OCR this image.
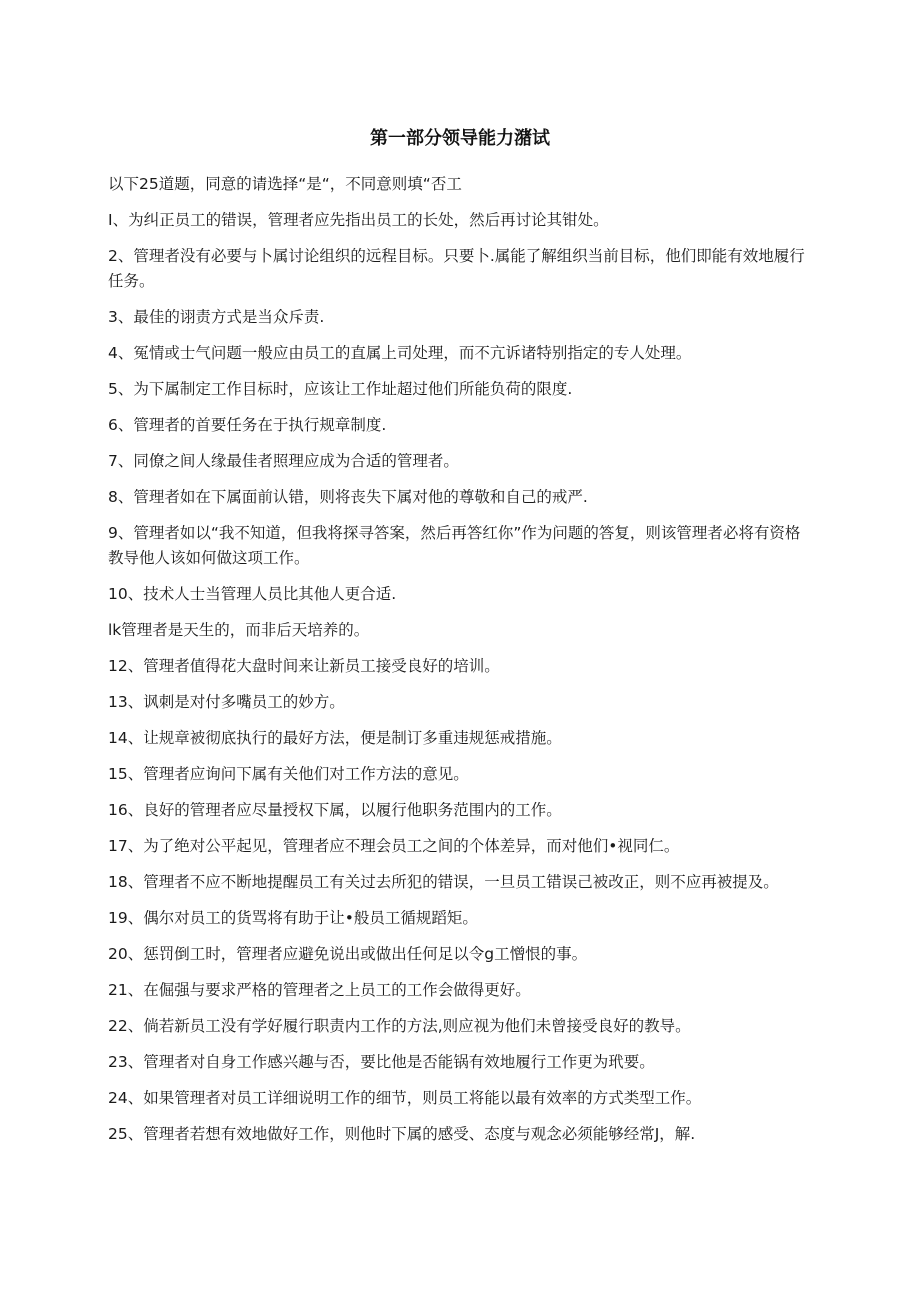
第一部分领导能力潴试

以下25道题，同意的请选择“是“，不同意则填“否工

I、为纠正员工的错误，管理者应先指出员工的长处，然后再讨论其钳处。

2、管理者没有必要与卜属讨论组织的远程目标。只要卜.属能了解组织当前目标，他们即能有效地履行任务。

3、最佳的诩责方式是当众斥责.

4、冤情或士气问题一般应由员工的直属上司处理，而不亢诉诸特别指定的专人处理。

5、为下属制定工作目标时，应该让工作址超过他们所能负荷的限度.

6、管理者的首要任务在于执行规章制度.

7、同僚之间人缘最佳者照理应成为合适的管理者。

8、管理者如在下属面前认错，则将丧失下属对他的尊敬和自己的戒严.

9、管理者如以“我不知道，但我将探寻答案，然后再答红你”作为问题的答复，则该管理者必将有资格教导他人该如何做这项工作。

10、技术人士当管理人员比其他人更合适.

lk管理者是天生的，而非后天培养的。

12、管理者值得花大盘时间来让新员工接受良好的培训。

13、讽刺是对付多嘴员工的妙方。

14、让规章被彻底执行的最好方法，便是制订多重违规惩戒措施。

15、管理者应询问下属有关他们对工作方法的意见。

16、良好的管理者应尽量授权下属，以履行他职务范围内的工作。

17、为了绝对公平起见，管理者应不理会员工之间的个体差异，而对他们•视同仁。

18、管理者不应不断地提醒员工有关过去所犯的错误，一旦员工错误己被改正，则不应再被提及。

19、偶尔对员工的货骂将有助于让•般员工循规蹈矩。

20、惩罚倒工时，管理者应避免说出或做出任何足以令g工憎恨的事。

21、在倔强与要求严格的管理者之上员工的工作会做得更好。

22、倘若新员工没有学好履行职责内工作的方法,则应视为他们未曾接受良好的教导。

23、管理者对自身工作感兴趣与否，要比他是否能锅有效地履行工作更为玳要。

24、如果管理者对员工详细说明工作的细节，则员工将能以最有效率的方式类型工作。

25、管理者若想有效地做好工作，则他时下属的感受、态度与观念必须能够经常J，解.
